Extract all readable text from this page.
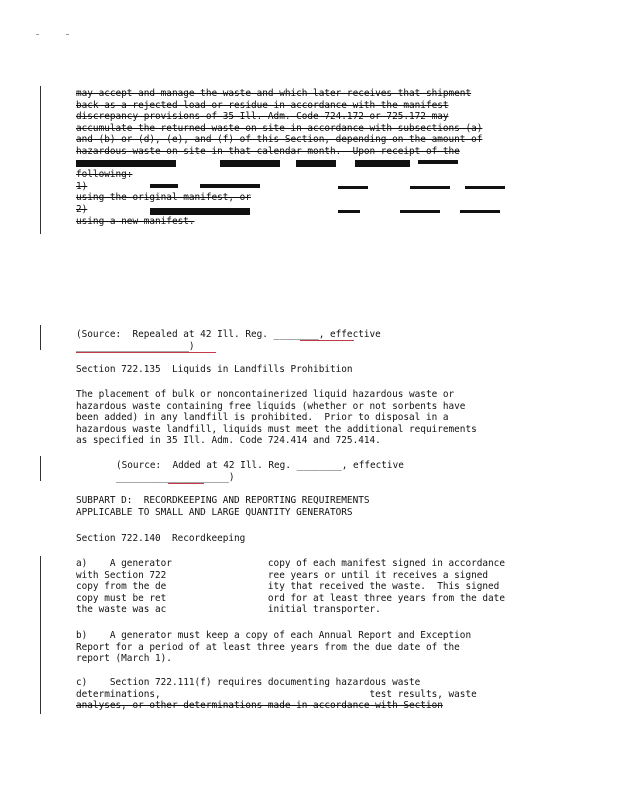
may accept and manage the waste and which later receives that shipment

back as a rejected load or residue in accordance with the manifest

discrepancy provisions of 35 Ill. Adm. Code 724.172 or 725.172 may

accumulate the returned waste on site in accordance with subsections (a)

and (b) or (d), (e), and (f) of this Section, depending on the amount of

hazardous waste on site in that calendar month.  Upon receipt of the

the

following:

1)

using the original manifest, or

2)

using a new manifest.

(Source:  Repealed at 42 Ill. Reg. ________, effective

____________________)

Section 722.135  Liquids in Landfills Prohibition

The placement of bulk or noncontainerized liquid hazardous waste or

hazardous waste containing free liquids (whether or not sorbents have

been added) in any landfill is prohibited.  Prior to disposal in a

hazardous waste landfill, liquids must meet the additional requirements

as specified in 35 Ill. Adm. Code 724.414 and 725.414.

(Source:  Added at 42 Ill. Reg. ________, effective

____________________)

SUBPART D:  RECORDKEEPING AND REPORTING REQUIREMENTS

APPLICABLE TO SMALL AND LARGE QUANTITY GENERATORS

Section 722.140  Recordkeeping

a)    A generator                 copy of each manifest signed in accordance

with Section 722                  ree years or until it receives a signed

copy from the de                  ity that received the waste.  This signed

copy must be ret                  ord for at least three years from the date

the waste was ac                  initial transporter.

b)    A generator must keep a copy of each Annual Report and Exception

Report for a period of at least three years from the due date of the

report (March 1).

c)    Section 722.111(f) requires documenting hazardous waste

determinations,                                     test results, waste

analyses, or other determinations made in accordance with Section
